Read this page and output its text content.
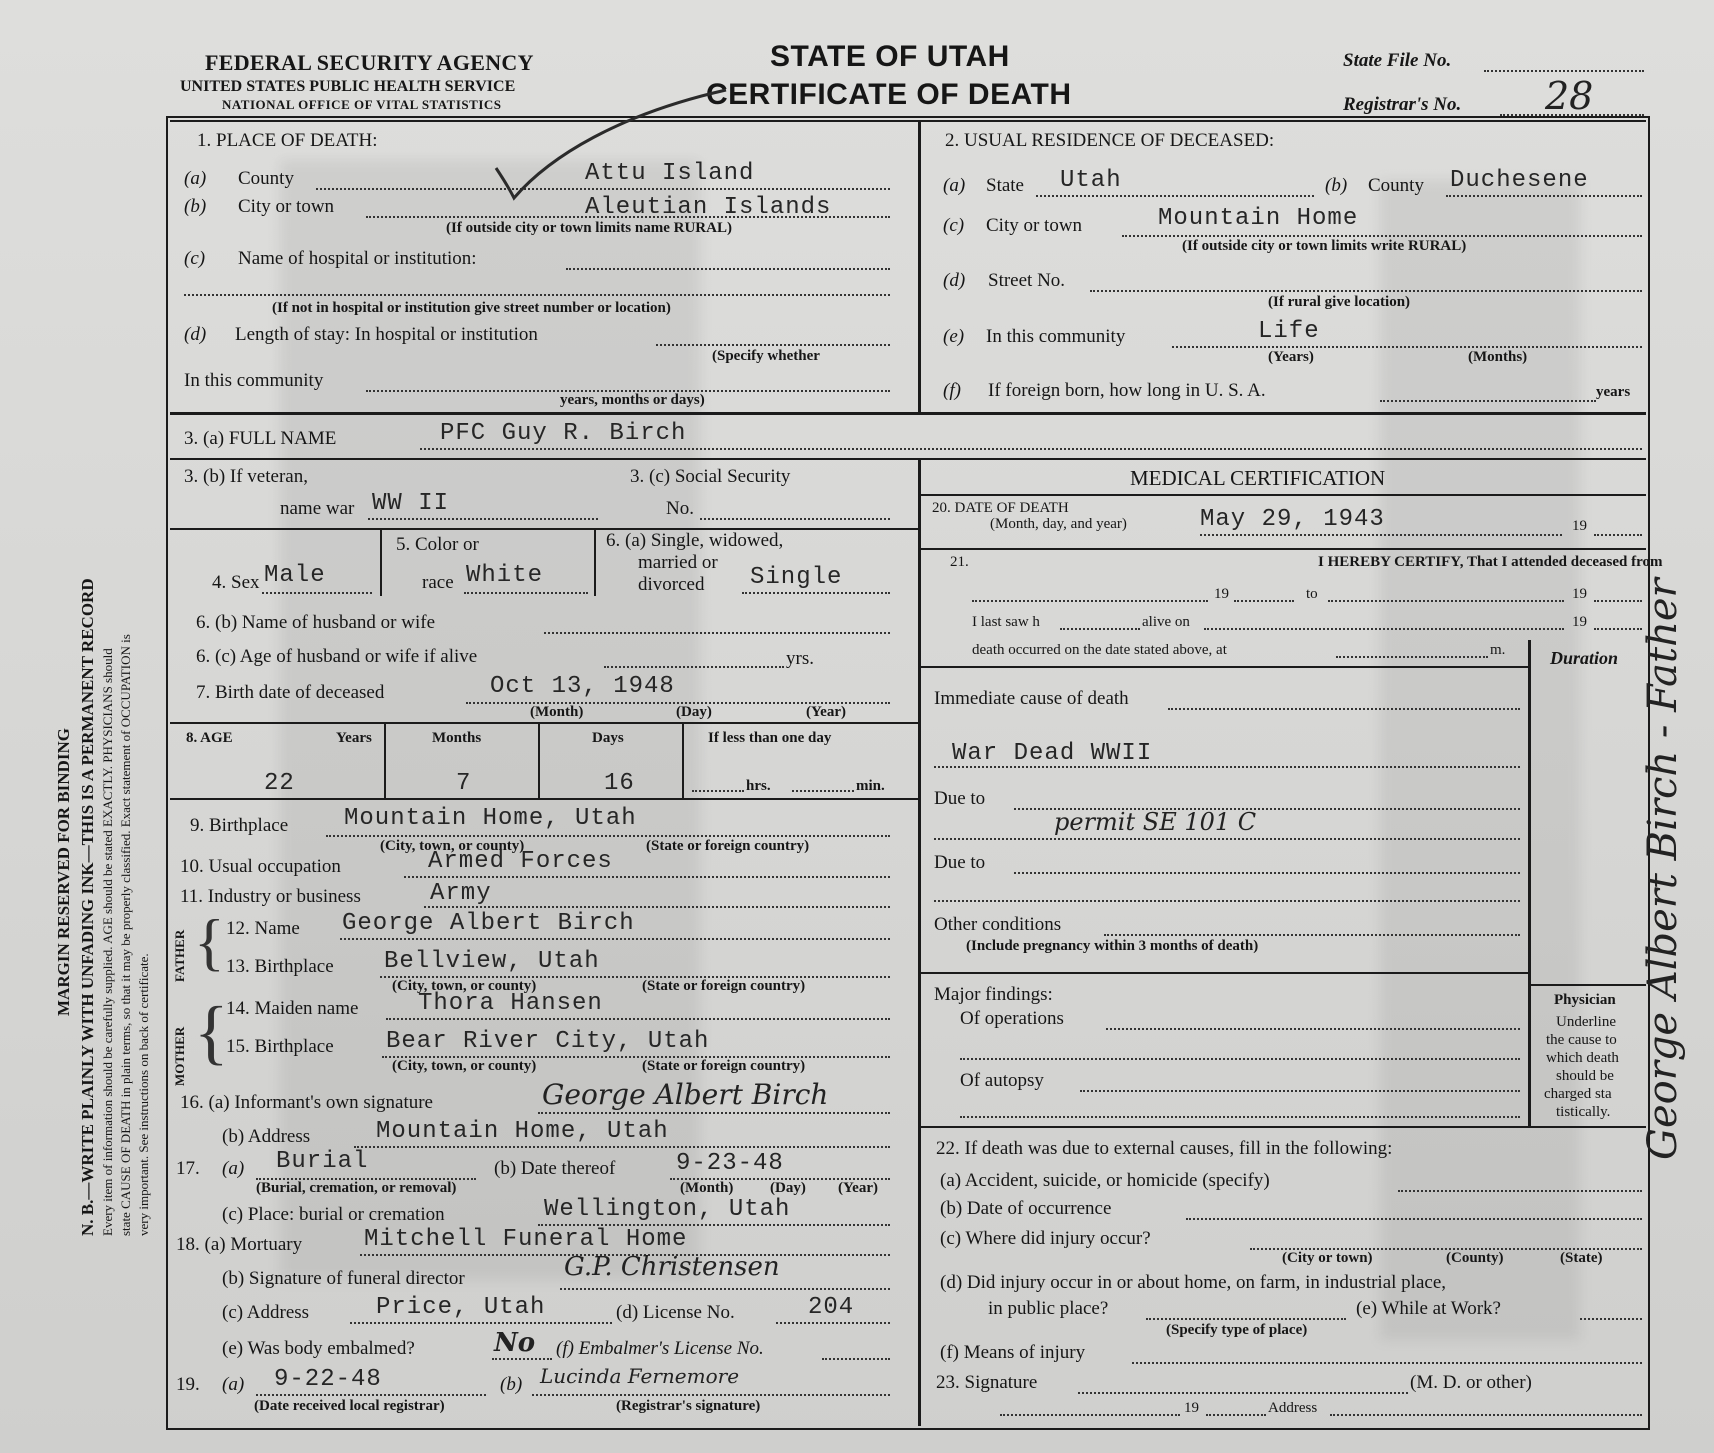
MARGIN RESERVED FOR BINDING N. B.—WRITE PLAINLY WITH UNFADING INK—THIS IS A PERMANENT RECORD Every item of information should be carefully supplied. AGE should be stated EXACTLY. PHYSICIANS should state CAUSE OF DEATH in plain terms, so that it may be properly classified. Exact statement of OCCUPATION is very important. See instructions on back of certificate.
FEDERAL SECURITY AGENCY
UNITED STATES PUBLIC HEALTH SERVICE
NATIONAL OFFICE OF VITAL STATISTICS
STATE OF UTAH
CERTIFICATE OF DEATH
State File No.
Registrar's No. 28
1. PLACE OF DEATH:
(a) County	Attu Island
(b) City or town	Aleutian Islands
(If outside city or town limits name RURAL)
(c) Name of hospital or institution:
(If not in hospital or institution give street number or location)
(d) Length of stay: In hospital or institution
(Specify whether
In this community
years, months or days)
2. USUAL RESIDENCE OF DECEASED:
(a) State Utah	(b) County Duchesene
(c) City or town	Mountain Home
(If outside city or town limits write RURAL)
(d) Street No.
(If rural give location)
(e) In this community	Life
(Years)	(Months)
(f) If foreign born, how long in U. S. A.	years
3. (a) FULL NAME	PFC Guy R. Birch
3. (b) If veteran,
name war WW II
3. (c) Social Security
No.
4. Sex Male
5. Color or
race White
6. (a) Single, widowed,
married or
divorced Single
6. (b) Name of husband or wife
6. (c) Age of husband or wife if alive	yrs.
7. Birth date of deceased	Oct 13, 1948
(Month)	(Day)	(Year)
8. AGE	Years	Months	Days	If less than one day
22	7	16	hrs.	min.
9. Birthplace Mountain Home, Utah
(City, town, or county)	(State or foreign country)
10. Usual occupation	Armed Forces
11. Industry or business	Army
FATHER { 12. Name George Albert Birch
13. Birthplace Bellview, Utah
(City, town, or county)	(State or foreign country)
MOTHER {
14. Maiden name Thora Hansen
15. Birthplace Bear River City, Utah
(City, town, or county)	(State or foreign country)
16. (a) Informant's own signature	George Albert Birch
(b) Address	Mountain Home, Utah
17. (a) Burial
(Burial, cremation, or removal)
(b) Date thereof	9-23-48
(Month) (Day) (Year)
(c) Place: burial or cremation	Wellington, Utah
18. (a) Mortuary	Mitchell Funeral Home
(b) Signature of funeral director	G.P. Christensen
(c) Address	Price, Utah	(d) License No.	204
(e) Was body embalmed?	No (f) Embalmer's License No.
19. (a) 9-22-48
(Date received local registrar)
(b) Lucinda Fernemore
(Registrar's signature)
MEDICAL CERTIFICATION
20. DATE OF DEATH
(Month, day, and year)	May 29, 1943	19
21.	I HEREBY CERTIFY, That I attended deceased from
19	to	19
I last saw h	alive on	19
death occurred on the date stated above, at	m. Duration
Immediate cause of death
War Dead WWII
Due to
permit SE 101 C
Due to
Other conditions
(Include pregnancy within 3 months of death)
Major findings:
Of operations
Of autopsy
Physician
Underline
the cause to
which death
should be
charged sta
tistically.
22. If death was due to external causes, fill in the following:
(a) Accident, suicide, or homicide (specify)
(b) Date of occurrence
(c) Where did injury occur?
(City or town)	(County)	(State)
(d) Did injury occur in or about home, on farm, in industrial place,
in public place?	(e) While at Work?
(Specify type of place)
(f) Means of injury
23. Signature	(M. D. or other)
19	Address
George Albert Birch - Father
